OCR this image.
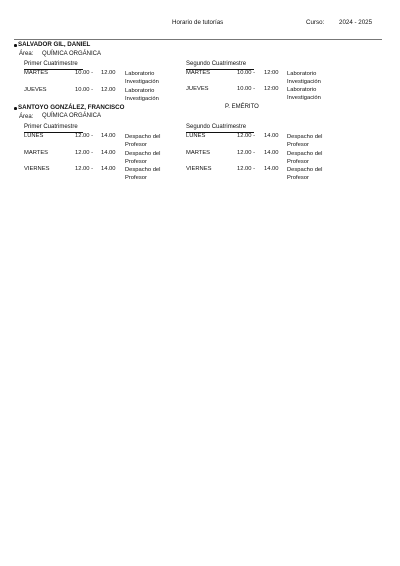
Horario de tutorías	Curso: 2024 - 2025
SALVADOR GIL, DANIEL
Área: QUÍMICA ORGÁNICA
Primer Cuatrimestre	Segundo Cuatrimestre
MARTES	10.00 - 12.00 Laboratorio Investigación
JUEVES	10.00 - 12.00 Laboratorio Investigación
MARTES	10.00 - 12:00 Laboratorio Investigación
JUEVES	10.00 - 12:00 Laboratorio Investigación
SANTOYO GONZÁLEZ, FRANCISCO	P. EMÉRITO
Área: QUÍMICA ORGÁNICA
Primer Cuatrimestre	Segundo Cuatrimestre
LUNES	12.00 - 14.00 Despacho del Profesor
MARTES	12.00 - 14.00 Despacho del Profesor
VIERNES	12.00 - 14.00 Despacho del Profesor
LUNES	12.00 - 14.00 Despacho del Profesor
MARTES	12.00 - 14.00 Despacho del Profesor
VIERNES	12.00 - 14.00 Despacho del Profesor
